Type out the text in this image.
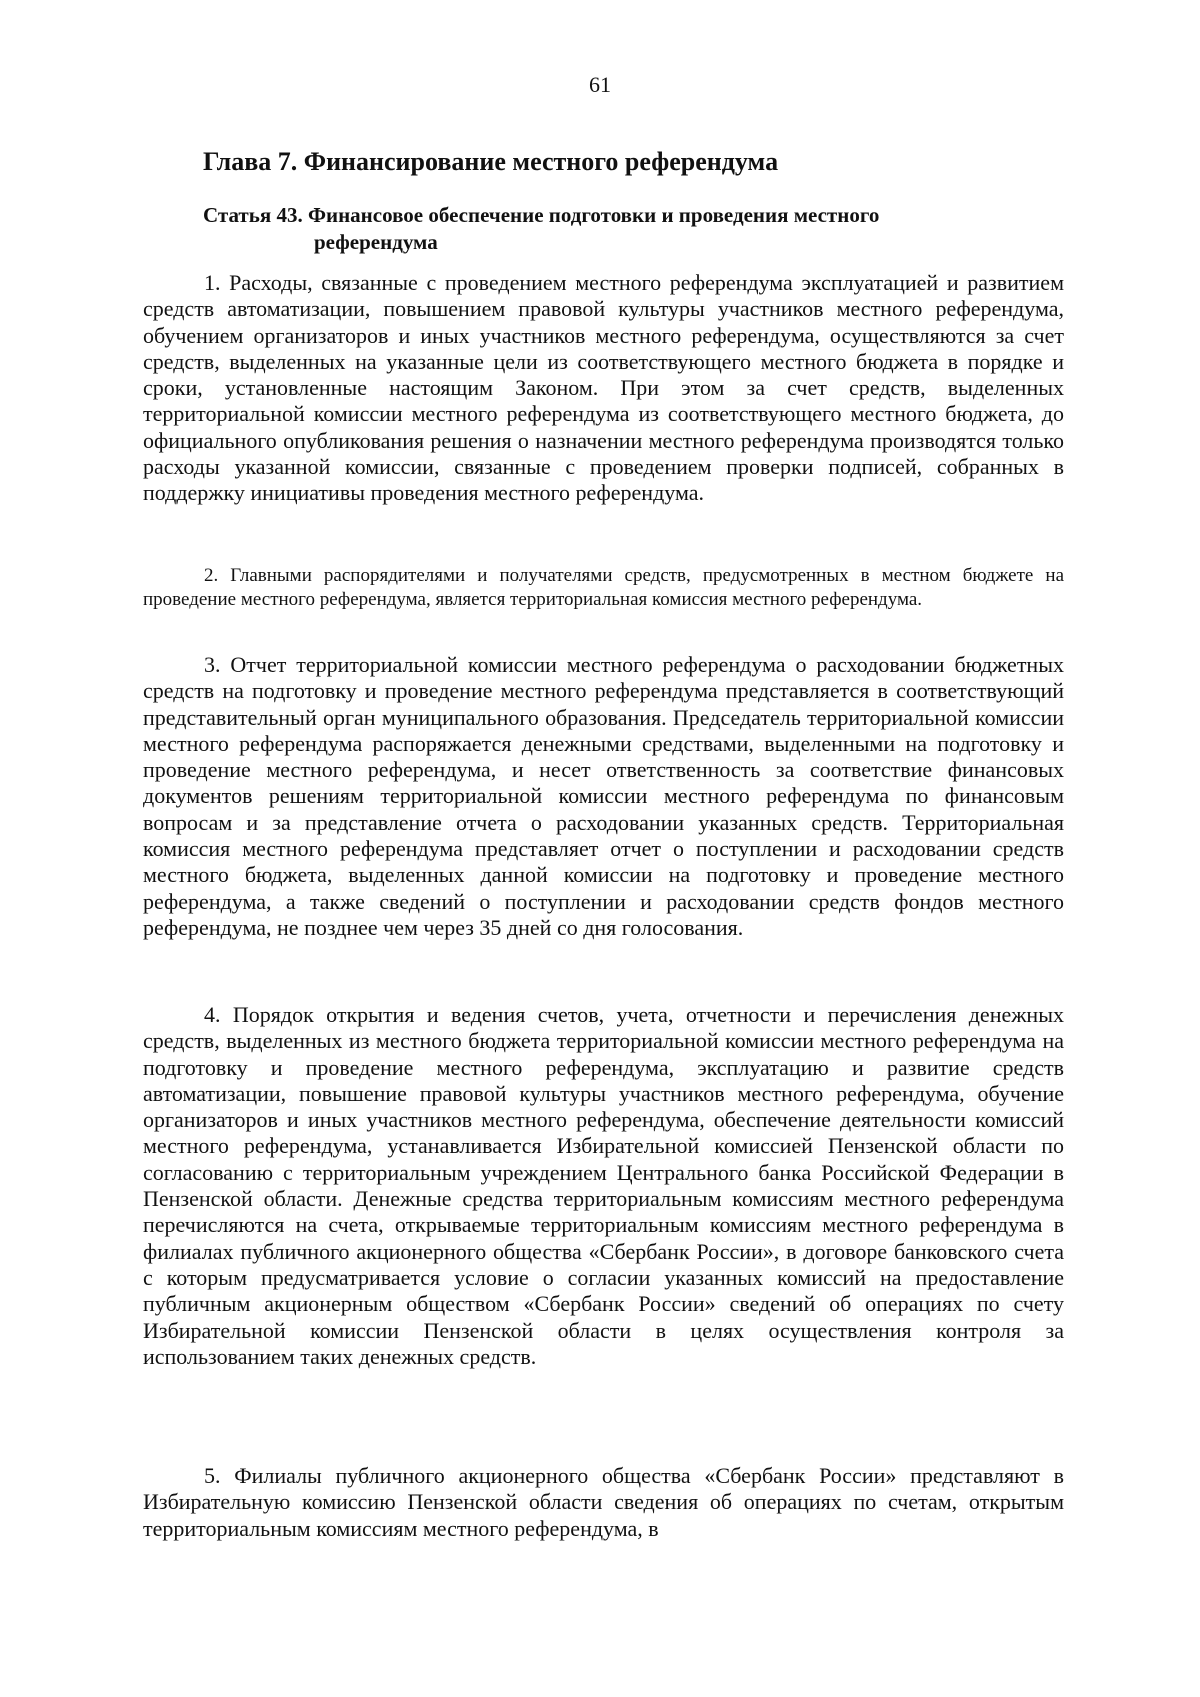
61
Глава 7. Финансирование местного референдума
Статья 43. Финансовое обеспечение подготовки и проведения местного
референдума

1. Расходы, связанные с проведением местного референдума эксплуатацией и развитием средств автоматизации, повышением правовой культуры участников местного референдума, обучением организаторов и иных участников местного референдума, осуществляются за счет средств, выделенных на указанные цели из соответствующего местного бюджета в порядке и сроки, установленные настоящим Законом. При этом за счет средств, выделенных территориальной комиссии местного референдума из соответствующего местного бюджета, до официального опубликования решения о назначении местного референдума производятся только расходы указанной комиссии, связанные с проведением проверки подписей, собранных в поддержку инициативы проведения местного референдума.

2. Главными распорядителями и получателями средств, предусмотренных в местном бюджете на проведение местного референдума, является территориальная комиссия местного референдума.

3. Отчет территориальной комиссии местного референдума о расходовании бюджетных средств на подготовку и проведение местного референдума представляется в соответствующий представительный орган муниципального образования. Председатель территориальной комиссии местного референдума распоряжается денежными средствами, выделенными на подготовку и проведение местного референдума, и несет ответственность за соответствие финансовых документов решениям территориальной комиссии местного референдума по финансовым вопросам и за представление отчета о расходовании указанных средств. Территориальная комиссия местного референдума представляет отчет о поступлении и расходовании средств местного бюджета, выделенных данной комиссии на подготовку и проведение местного референдума, а также сведений о поступлении и расходовании средств фондов местного референдума, не позднее чем через 35 дней со дня голосования.

4. Порядок открытия и ведения счетов, учета, отчетности и перечисления денежных средств, выделенных из местного бюджета территориальной комиссии местного референдума на подготовку и проведение местного референдума, эксплуатацию и развитие средств автоматизации, повышение правовой культуры участников местного референдума, обучение организаторов и иных участников местного референдума, обеспечение деятельности комиссий местного референдума, устанавливается Избирательной комиссией Пензенской области по согласованию с территориальным учреждением Центрального банка Российской Федерации в Пензенской области. Денежные средства территориальным комиссиям местного референдума перечисляются на счета, открываемые территориальным комиссиям местного референдума в филиалах публичного акционерного общества «Сбербанк России», в договоре банковского счета с которым предусматривается условие о согласии указанных комиссий на предоставление публичным акционерным обществом «Сбербанк России» сведений об операциях по счету Избирательной комиссии Пензенской области в целях осуществления контроля за использованием таких денежных средств.

5. Филиалы публичного акционерного общества «Сбербанк России» представляют в Избирательную комиссию Пензенской области сведения об операциях по счетам, открытым территориальным комиссиям местного референдума, в
